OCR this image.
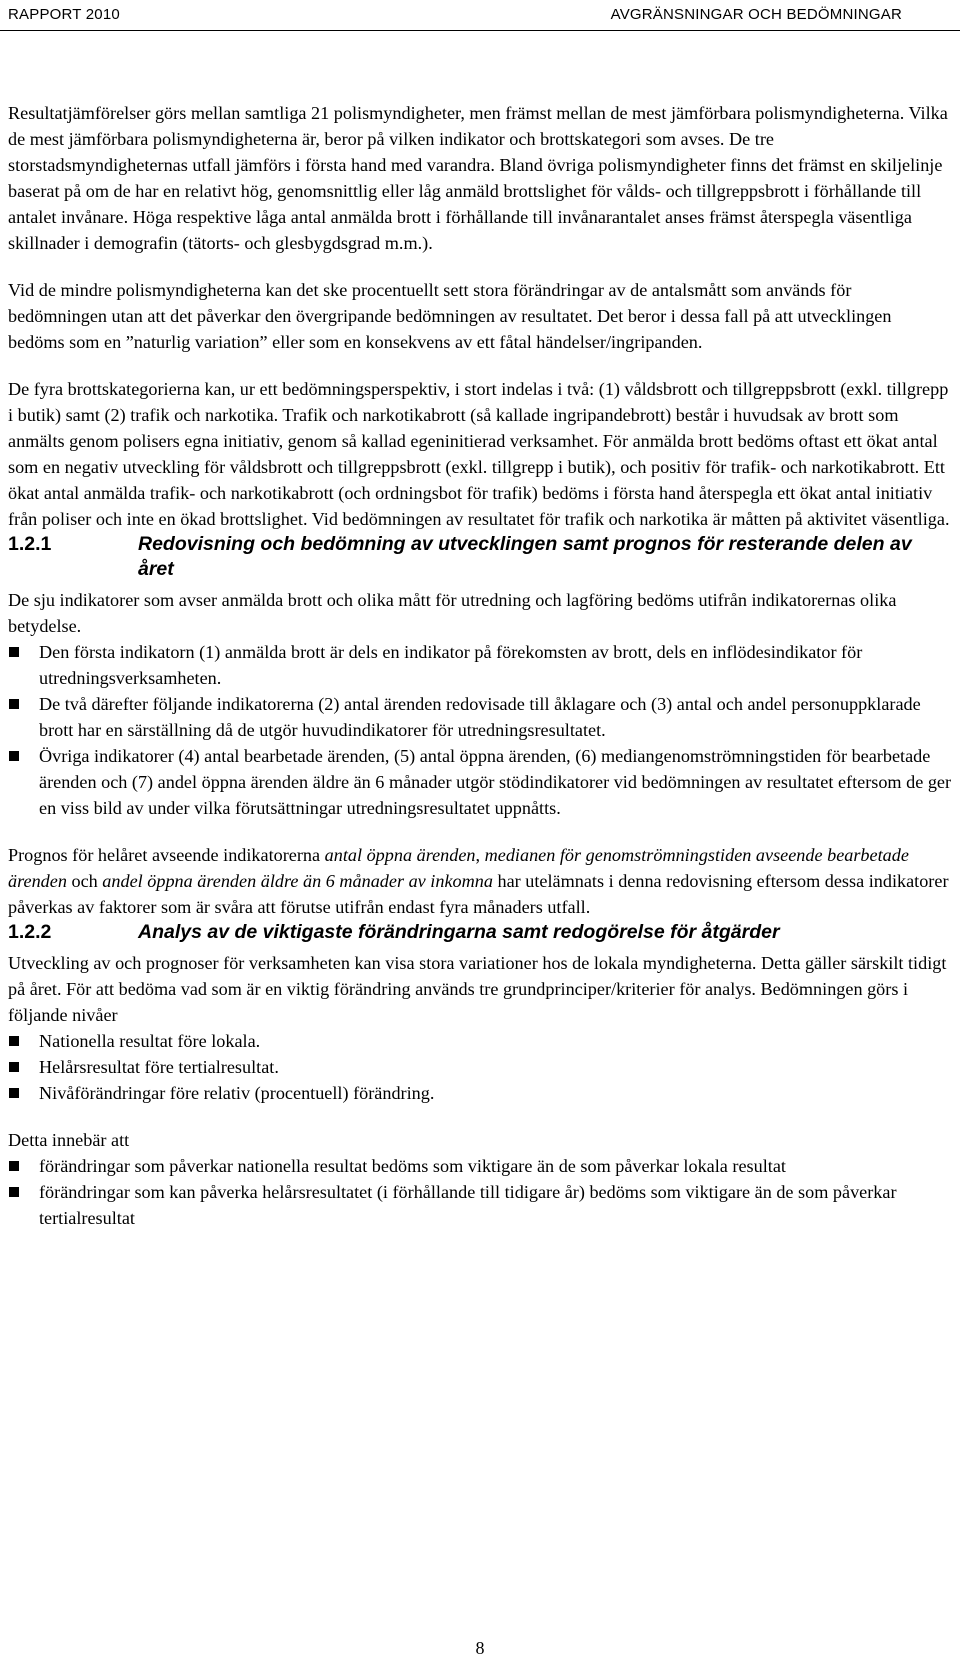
RAPPORT 2010	AVGRÄNSNINGAR OCH BEDÖMNINGAR

Resultatjämförelser görs mellan samtliga 21 polismyndigheter, men främst mellan de mest jämförbara polismyndigheterna. Vilka de mest jämförbara polismyndigheterna är, beror på vilken indikator och brottskategori som avses. De tre storstadsmyndigheternas utfall jämförs i första hand med varandra. Bland övriga polismyndigheter finns det främst en skiljelinje baserat på om de har en relativt hög, genomsnittlig eller låg anmäld brottslighet för vålds- och tillgreppsbrott i förhållande till antalet invånare. Höga respektive låga antal anmälda brott i förhållande till invånarantalet anses främst återspegla väsentliga skillnader i demografin (tätorts- och glesbygdsgrad m.m.).

Vid de mindre polismyndigheterna kan det ske procentuellt sett stora förändringar av de antalsmått som används för bedömningen utan att det påverkar den övergripande bedömningen av resultatet. Det beror i dessa fall på att utvecklingen bedöms som en ”naturlig variation” eller som en konsekvens av ett fåtal händelser/ingripanden.

De fyra brottskategorierna kan, ur ett bedömningsperspektiv, i stort indelas i två: (1) våldsbrott och tillgreppsbrott (exkl. tillgrepp i butik) samt (2) trafik och narkotika. Trafik och narkotikabrott (så kallade ingripandebrott) består i huvudsak av brott som anmälts genom polisers egna initiativ, genom så kallad egeninitierad verksamhet. För anmälda brott bedöms oftast ett ökat antal som en negativ utveckling för våldsbrott och tillgreppsbrott (exkl. tillgrepp i butik), och positiv för trafik- och narkotikabrott. Ett ökat antal anmälda trafik- och narkotikabrott (och ordningsbot för trafik) bedöms i första hand återspegla ett ökat antal initiativ från poliser och inte en ökad brottslighet. Vid bedömningen av resultatet för trafik och narkotika är måtten på aktivitet väsentliga.

1.2.1	Redovisning och bedömning av utvecklingen samt prognos för resterande delen av året

De sju indikatorer som avser anmälda brott och olika mått för utredning och lagföring bedöms utifrån indikatorernas olika betydelse.

Den första indikatorn (1) anmälda brott är dels en indikator på förekomsten av brott, dels en inflödesindikator för utredningsverksamheten.
De två därefter följande indikatorerna (2) antal ärenden redovisade till åklagare och (3) antal och andel personuppklarade brott har en särställning då de utgör huvudindikatorer för utredningsresultatet.
Övriga indikatorer (4) antal bearbetade ärenden, (5) antal öppna ärenden, (6) mediangenomströmningstiden för bearbetade ärenden och (7) andel öppna ärenden äldre än 6 månader utgör stödindikatorer vid bedömningen av resultatet eftersom de ger en viss bild av under vilka förutsättningar utredningsresultatet uppnåtts.

Prognos för helåret avseende indikatorerna antal öppna ärenden, medianen för genomströmningstiden avseende bearbetade ärenden och andel öppna ärenden äldre än 6 månader av inkomna har utelämnats i denna redovisning eftersom dessa indikatorer påverkas av faktorer som är svåra att förutse utifrån endast fyra månaders utfall.

1.2.2	Analys av de viktigaste förändringarna samt redogörelse för åtgärder

Utveckling av och prognoser för verksamheten kan visa stora variationer hos de lokala myndigheterna. Detta gäller särskilt tidigt på året. För att bedöma vad som är en viktig förändring används tre grundprinciper/kriterier för analys. Bedömningen görs i följande nivåer

Nationella resultat före lokala.
Helårsresultat före tertialresultat.
Nivåförändringar före relativ (procentuell) förändring.

Detta innebär att

förändringar som påverkar nationella resultat bedöms som viktigare än de som påverkar lokala resultat
förändringar som kan påverka helårsresultatet (i förhållande till tidigare år) bedöms som viktigare än de som påverkar tertialresultat
8
